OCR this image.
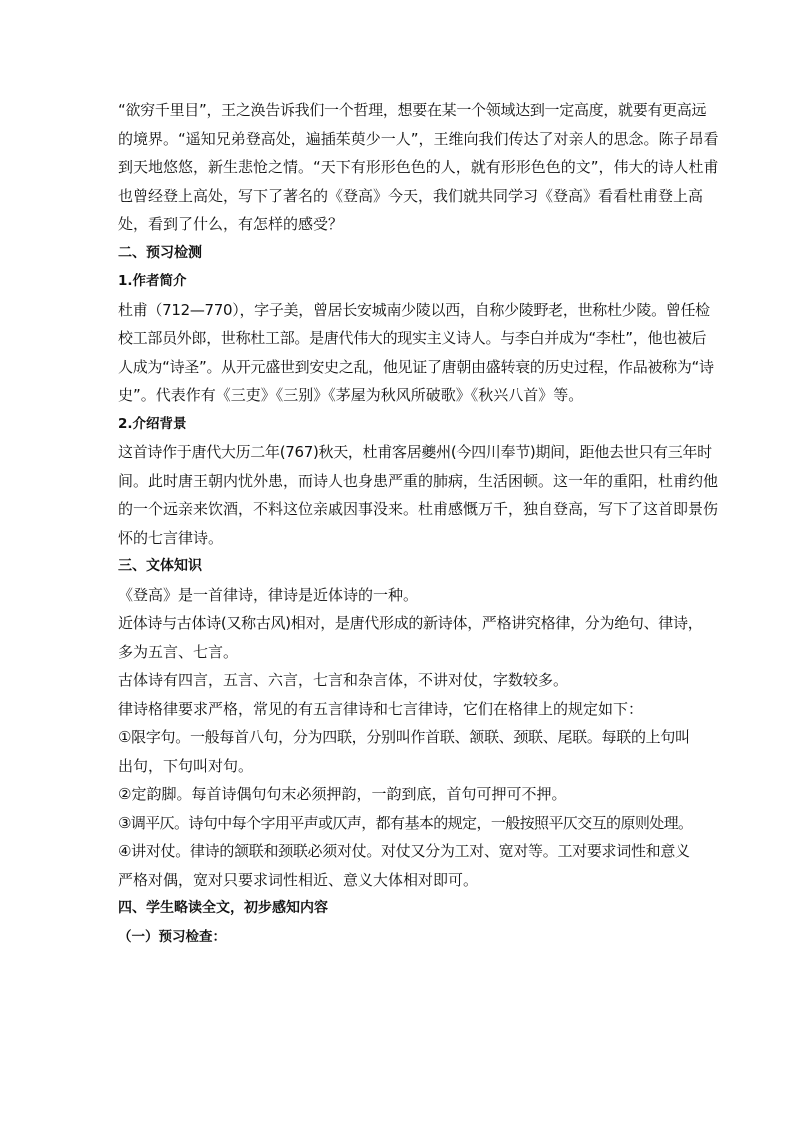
“欲穷千里目”，王之涣告诉我们一个哲理，想要在某一个领域达到一定高度，就要有更高远

的境界。“遥知兄弟登高处，遍插茱萸少一人”，王维向我们传达了对亲人的思念。陈子昂看

到天地悠悠，新生悲怆之情。“天下有形形色色的人，就有形形色色的文”，伟大的诗人杜甫

也曾经登上高处，写下了著名的《登高》今天，我们就共同学习《登高》看看杜甫登上高

处，看到了什么，有怎样的感受？

二、预习检测

1.作者简介

杜甫（712—770），字子美，曾居长安城南少陵以西，自称少陵野老，世称杜少陵。曾任检

校工部员外郎，世称杜工部。是唐代伟大的现实主义诗人。与李白并成为“李杜”，他也被后

人成为“诗圣”。从开元盛世到安史之乱，他见证了唐朝由盛转衰的历史过程，作品被称为“诗

史”。代表作有《三吏》《三别》《茅屋为秋风所破歌》《秋兴八首》等。

2.介绍背景

这首诗作于唐代大历二年(767)秋天，杜甫客居夔州(今四川奉节)期间，距他去世只有三年时

间。此时唐王朝内忧外患，而诗人也身患严重的肺病，生活困顿。这一年的重阳，杜甫约他

的一个远亲来饮酒，不料这位亲戚因事没来。杜甫感慨万千，独自登高，写下了这首即景伤

怀的七言律诗。

三、文体知识

《登高》是一首律诗，律诗是近体诗的一种。

近体诗与古体诗(又称古风)相对，是唐代形成的新诗体，严格讲究格律，分为绝句、律诗，

多为五言、七言。

古体诗有四言，五言、六言，七言和杂言体，不讲对仗，字数较多。

律诗格律要求严格，常见的有五言律诗和七言律诗，它们在格律上的规定如下：

①限字句。一般每首八句，分为四联，分别叫作首联、颔联、颈联、尾联。每联的上句叫

出句，下句叫对句。

②定韵脚。每首诗偶句句末必须押韵，一韵到底，首句可押可不押。

③调平仄。诗句中每个字用平声或仄声，都有基本的规定，一般按照平仄交互的原则处理。

④讲对仗。律诗的颔联和颈联必须对仗。对仗又分为工对、宽对等。工对要求词性和意义

严格对偶，宽对只要求词性相近、意义大体相对即可。

四、学生略读全文，初步感知内容

（一）预习检查：
